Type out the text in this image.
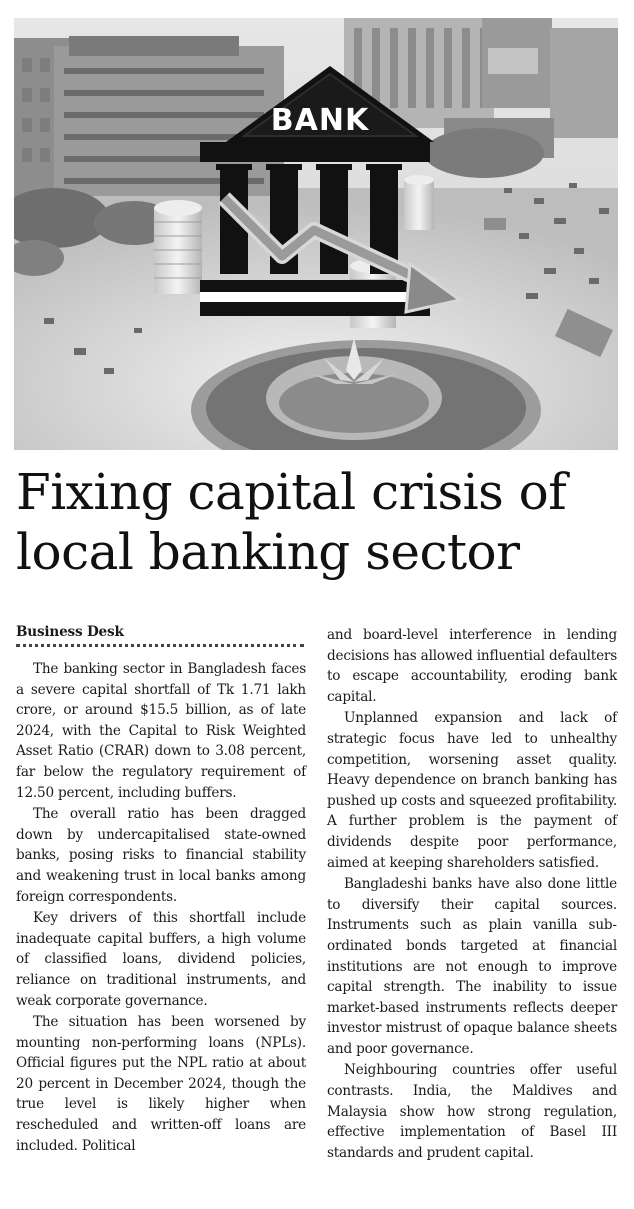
BANK
Fixing capital crisis of
local banking sector
Business Desk

The banking sector in Bangladesh faces a severe capital shortfall of Tk 1.71 lakh crore, or around $15.5 billion, as of late 2024, with the Capital to Risk Weighted Asset Ratio (CRAR) down to 3.08 percent, far below the regulatory requirement of 12.50 percent, including buffers.

The overall ratio has been dragged down by undercapitalised state-owned banks, posing risks to financial stability and weakening trust in local banks among foreign correspondents.

Key drivers of this shortfall include inadequate capital buffers, a high volume of classified loans, dividend policies, reliance on traditional instruments, and weak corporate governance.

The situation has been worsened by mounting non-performing loans (NPLs). Official figures put the NPL ratio at about 20 percent in December 2024, though the true level is likely higher when rescheduled and written-off loans are included. Political

and board-level interference in lending decisions has allowed influential defaulters to escape accountability, eroding bank capital.

Unplanned expansion and lack of strategic focus have led to unhealthy competition, worsening asset quality. Heavy dependence on branch banking has pushed up costs and squeezed profitability. A further problem is the payment of dividends despite poor performance, aimed at keeping shareholders satisfied.

Bangladeshi banks have also done little to diversify their capital sources. Instruments such as plain vanilla subordinated bonds targeted at financial institutions are not enough to improve capital strength. The inability to issue market-based instruments reflects deeper investor mistrust of opaque balance sheets and poor governance.

Neighbouring countries offer useful contrasts. India, the Maldives and Malaysia show how strong regulation, effective implementation of Basel III standards and prudent capital.
